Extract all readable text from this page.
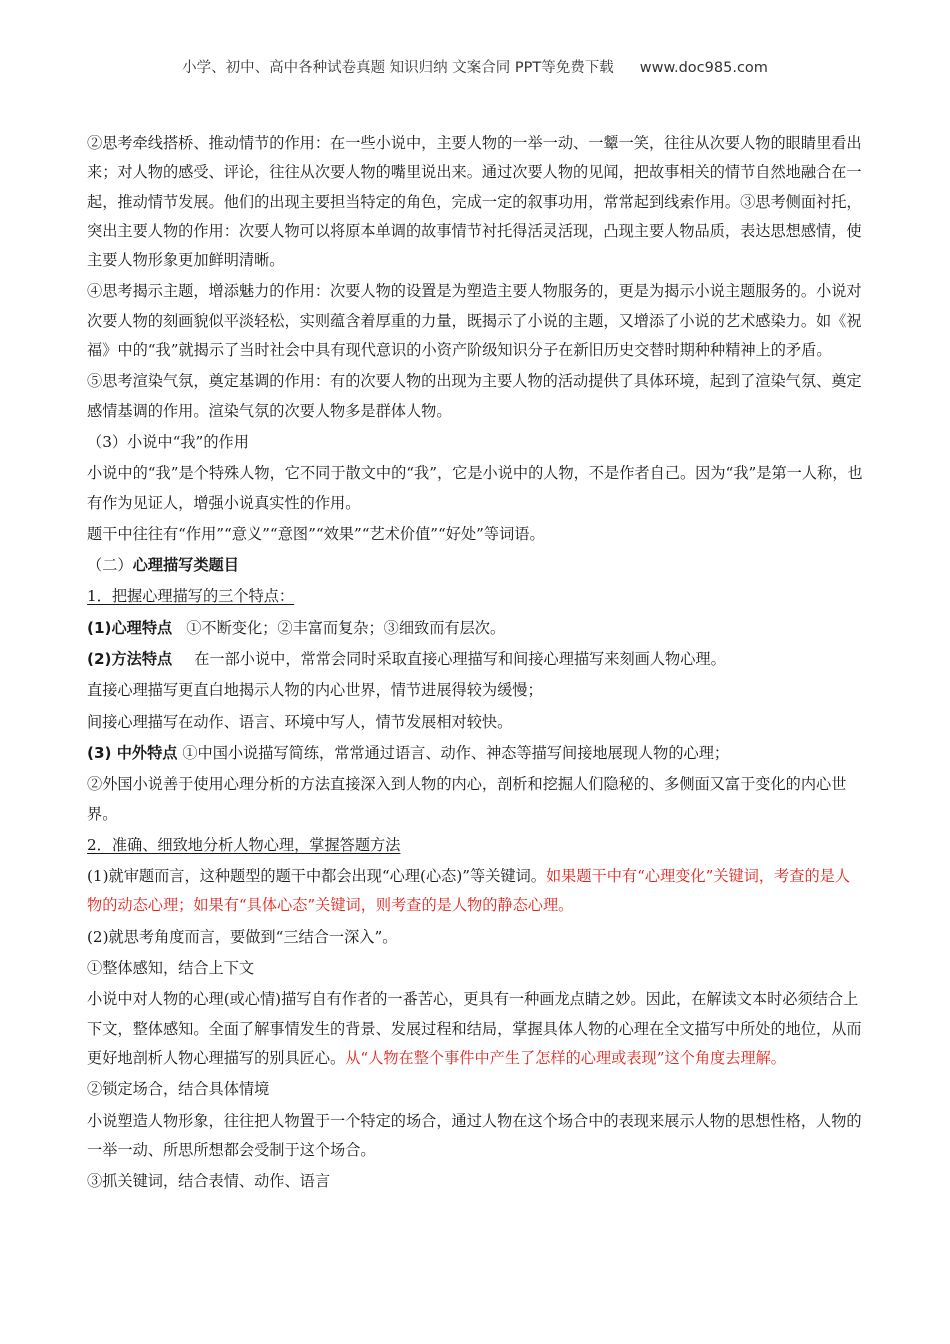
小学、初中、高中各种试卷真题 知识归纳 文案合同 PPT等免费下载 www.doc985.com

②思考牵线搭桥、推动情节的作用：在一些小说中，主要人物的一举一动、一颦一笑，往往从次要人物的眼睛里看出来；对人物的感受、评论，往往从次要人物的嘴里说出来。通过次要人物的见闻，把故事相关的情节自然地融合在一起，推动情节发展。他们的出现主要担当特定的角色，完成一定的叙事功用，常常起到线索作用。③思考侧面衬托，突出主要人物的作用：次要人物可以将原本单调的故事情节衬托得活灵活现，凸现主要人物品质，表达思想感情，使主要人物形象更加鲜明清晰。

④思考揭示主题，增添魅力的作用：次要人物的设置是为塑造主要人物服务的，更是为揭示小说主题服务的。小说对次要人物的刻画貌似平淡轻松，实则蕴含着厚重的力量，既揭示了小说的主题，又增添了小说的艺术感染力。如《祝福》中的“我”就揭示了当时社会中具有现代意识的小资产阶级知识分子在新旧历史交替时期种种精神上的矛盾。

⑤思考渲染气氛，奠定基调的作用：有的次要人物的出现为主要人物的活动提供了具体环境，起到了渲染气氛、奠定感情基调的作用。渲染气氛的次要人物多是群体人物。

（3）小说中“我”的作用

小说中的“我”是个特殊人物，它不同于散文中的“我”，它是小说中的人物，不是作者自己。因为“我”是第一人称，也有作为见证人，增强小说真实性的作用。

题干中往往有“作用”“意义”“意图”“效果”“艺术价值”“好处”等词语。

（二）心理描写类题目

1．把握心理描写的三个特点：

(1)心理特点 ①不断变化；②丰富而复杂；③细致而有层次。

(2)方法特点 在一部小说中，常常会同时采取直接心理描写和间接心理描写来刻画人物心理。

直接心理描写更直白地揭示人物的内心世界，情节进展得较为缓慢；

间接心理描写在动作、语言、环境中写人，情节发展相对较快。

(3) 中外特点 ①中国小说描写简练，常常通过语言、动作、神态等描写间接地展现人物的心理；

②外国小说善于使用心理分析的方法直接深入到人物的内心，剖析和挖掘人们隐秘的、多侧面又富于变化的内心世界。

2．准确、细致地分析人物心理，掌握答题方法

(1)就审题而言，这种题型的题干中都会出现“心理(心态)”等关键词。如果题干中有“心理变化”关键词，考查的是人物的动态心理；如果有“具体心态”关键词，则考查的是人物的静态心理。

(2)就思考角度而言，要做到“三结合一深入”。

①整体感知，结合上下文

小说中对人物的心理(或心情)描写自有作者的一番苦心，更具有一种画龙点睛之妙。因此，在解读文本时必须结合上下文，整体感知。全面了解事情发生的背景、发展过程和结局，掌握具体人物的心理在全文描写中所处的地位，从而更好地剖析人物心理描写的别具匠心。从“人物在整个事件中产生了怎样的心理或表现”这个角度去理解。

②锁定场合，结合具体情境

小说塑造人物形象，往往把人物置于一个特定的场合，通过人物在这个场合中的表现来展示人物的思想性格，人物的一举一动、所思所想都会受制于这个场合。

③抓关键词，结合表情、动作、语言
